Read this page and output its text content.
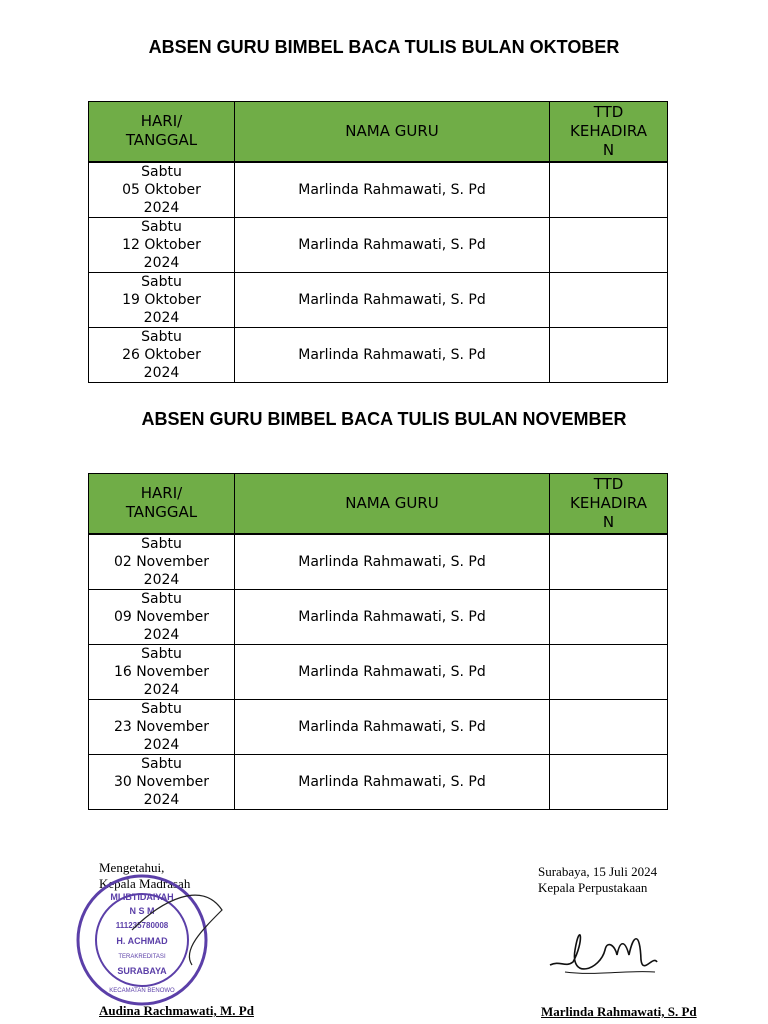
ABSEN GURU BIMBEL BACA TULIS BULAN OKTOBER
HARI/
TANGGAL	NAMA GURU	TTD
KEHADIRA
N
Sabtu
05 Oktober
2024	Marlinda Rahmawati, S. Pd	
Sabtu
12 Oktober
2024	Marlinda Rahmawati, S. Pd	
Sabtu
19 Oktober
2024	Marlinda Rahmawati, S. Pd	
Sabtu
26 Oktober
2024	Marlinda Rahmawati, S. Pd	
ABSEN GURU BIMBEL BACA TULIS BULAN NOVEMBER
HARI/
TANGGAL	NAMA GURU	TTD
KEHADIRA
N
Sabtu
02 November
2024	Marlinda Rahmawati, S. Pd	
Sabtu
09 November
2024	Marlinda Rahmawati, S. Pd	
Sabtu
16 November
2024	Marlinda Rahmawati, S. Pd	
Sabtu
23 November
2024	Marlinda Rahmawati, S. Pd	
Sabtu
30 November
2024	Marlinda Rahmawati, S. Pd	
Mengetahui,
Kepala Madrasah
MI IBTIDAIYAH
N S M
111235780008
H. ACHMAD
TERAKREDITASI
SURABAYA
KECAMATAN BENOWO
Audina Rachmawati, M. Pd
Surabaya, 15 Juli 2024
Kepala Perpustakaan
Marlinda Rahmawati, S. Pd
